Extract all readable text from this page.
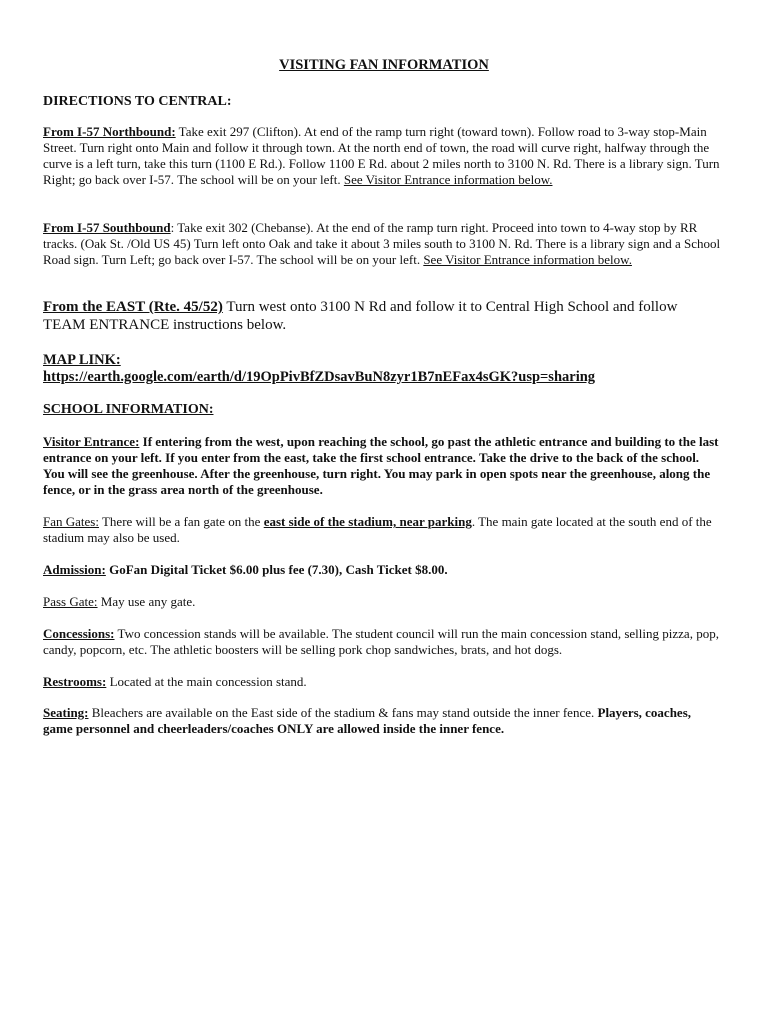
VISITING FAN INFORMATION
DIRECTIONS TO CENTRAL:
From I-57 Northbound: Take exit 297 (Clifton). At end of the ramp turn right (toward town). Follow road to 3-way stop-Main Street. Turn right onto Main and follow it through town. At the north end of town, the road will curve right, halfway through the curve is a left turn, take this turn (1100 E Rd.). Follow 1100 E Rd. about 2 miles north to 3100 N. Rd. There is a library sign. Turn Right; go back over I-57. The school will be on your left. See Visitor Entrance information below.
From I-57 Southbound: Take exit 302 (Chebanse). At the end of the ramp turn right. Proceed into town to 4-way stop by RR tracks. (Oak St. /Old US 45) Turn left onto Oak and take it about 3 miles south to 3100 N. Rd. There is a library sign and a School Road sign. Turn Left; go back over I-57. The school will be on your left. See Visitor Entrance information below.
From the EAST (Rte. 45/52) Turn west onto 3100 N Rd and follow it to Central High School and follow TEAM ENTRANCE instructions below.
MAP LINK:
https://earth.google.com/earth/d/19OpPivBfZDsavBuN8zyr1B7nEFax4sGK?usp=sharing
SCHOOL INFORMATION:
Visitor Entrance: If entering from the west, upon reaching the school, go past the athletic entrance and building to the last entrance on your left. If you enter from the east, take the first school entrance. Take the drive to the back of the school. You will see the greenhouse. After the greenhouse, turn right. You may park in open spots near the greenhouse, along the fence, or in the grass area north of the greenhouse.
Fan Gates: There will be a fan gate on the east side of the stadium, near parking. The main gate located at the south end of the stadium may also be used.
Admission: GoFan Digital Ticket $6.00 plus fee (7.30), Cash Ticket $8.00.
Pass Gate: May use any gate.
Concessions: Two concession stands will be available. The student council will run the main concession stand, selling pizza, pop, candy, popcorn, etc. The athletic boosters will be selling pork chop sandwiches, brats, and hot dogs.
Restrooms: Located at the main concession stand.
Seating: Bleachers are available on the East side of the stadium & fans may stand outside the inner fence. Players, coaches, game personnel and cheerleaders/coaches ONLY are allowed inside the inner fence.
